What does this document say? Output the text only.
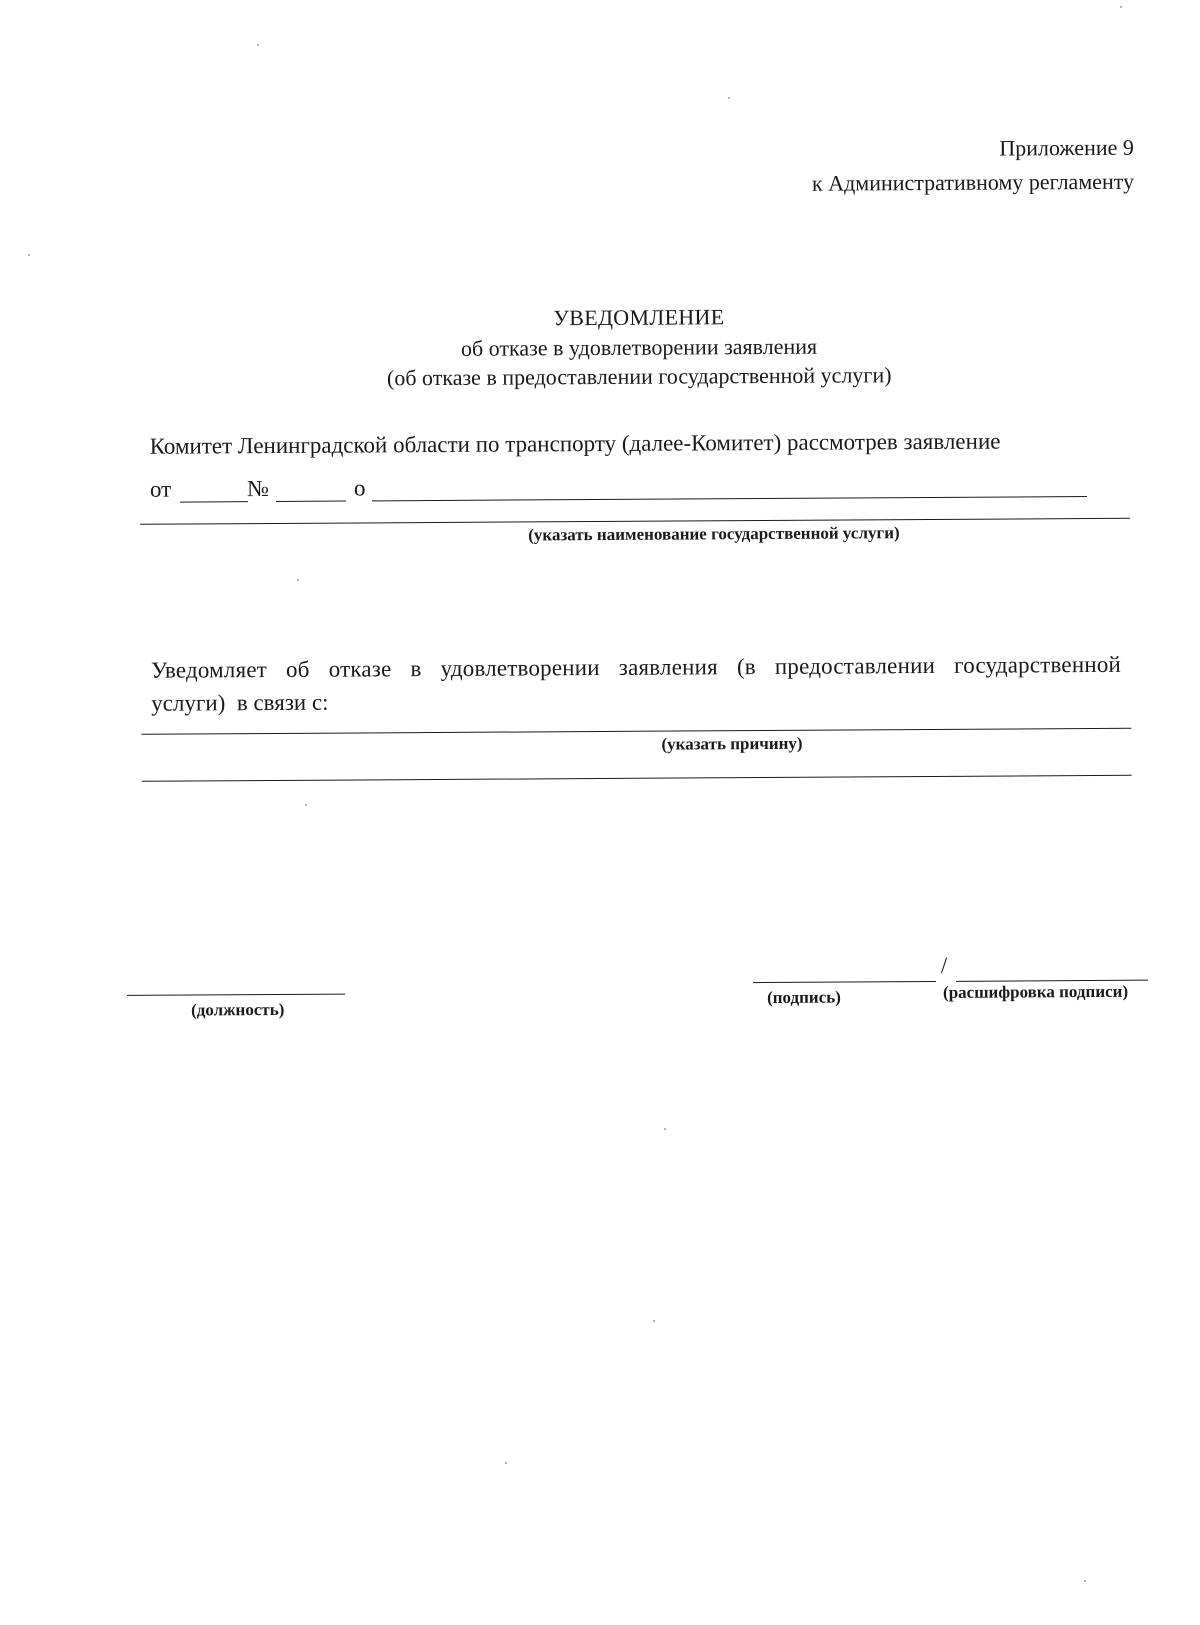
Приложение 9
к Административному регламенту
УВЕДОМЛЕНИЕ
об отказе в удовлетворении заявления
(об отказе в предоставлении государственной услуги)
Комитет Ленинградской области по транспорту (далее-Комитет) рассмотрев заявление
от	№	о
(указать наименование государственной услуги)
Уведомляет об отказе в удовлетворении заявления (в предоставлении государственной
услуги)  в связи с:
(указать причину)
(должность)
/
(подпись)	(расшифровка подписи)
